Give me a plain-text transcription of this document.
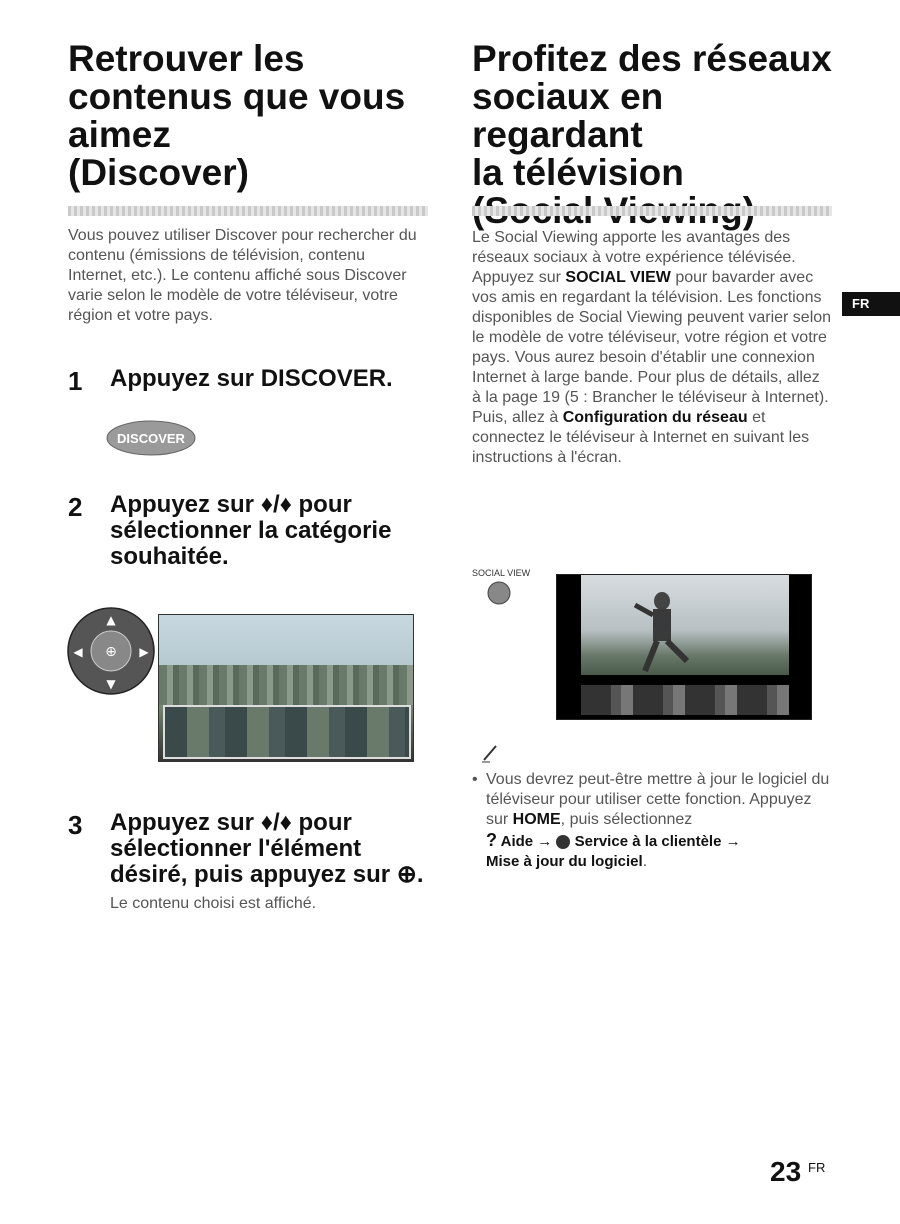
Retrouver les
contenus que vous
aimez
(Discover)

Vous pouvez utiliser Discover pour rechercher du contenu (émissions de télévision, contenu Internet, etc.). Le contenu affiché sous Discover varie selon le modèle de votre téléviseur, votre région et votre pays.

1 Appuyez sur DISCOVER.
DISCOVER
2 Appuyez sur ♦/♦ pour
sélectionner la catégorie
souhaitée.
⊕
▲
▼
◀	▶
3 Appuyez sur ♦/♦ pour
sélectionner l'élément
désiré, puis appuyez sur ⊕.

Le contenu choisi est affiché.

Profitez des réseaux
sociaux en regardant
la télévision

Le Social Viewing apporte les avantages des réseaux sociaux à votre expérience télévisée.

Appuyez sur SOCIAL VIEW pour bavarder avec vos amis en regardant la télévision. Les fonctions disponibles de Social Viewing peuvent varier selon le modèle de votre téléviseur, votre région et votre pays. Vous aurez besoin d'établir une connexion Internet à large bande. Pour plus de détails, allez à la page 19 (5 : Brancher le téléviseur à Internet).

Puis, allez à Configuration du réseau et connectez le téléviseur à Internet en suivant les instructions à l'écran.

SOCIAL VIEW
• Vous devrez peut-être mettre à jour le logiciel du téléviseur pour utiliser cette fonction. Appuyez sur HOME, puis sélectionnez
? Aide → Service à la clientèle →
Mise à jour du logiciel.
FR
23 FR
